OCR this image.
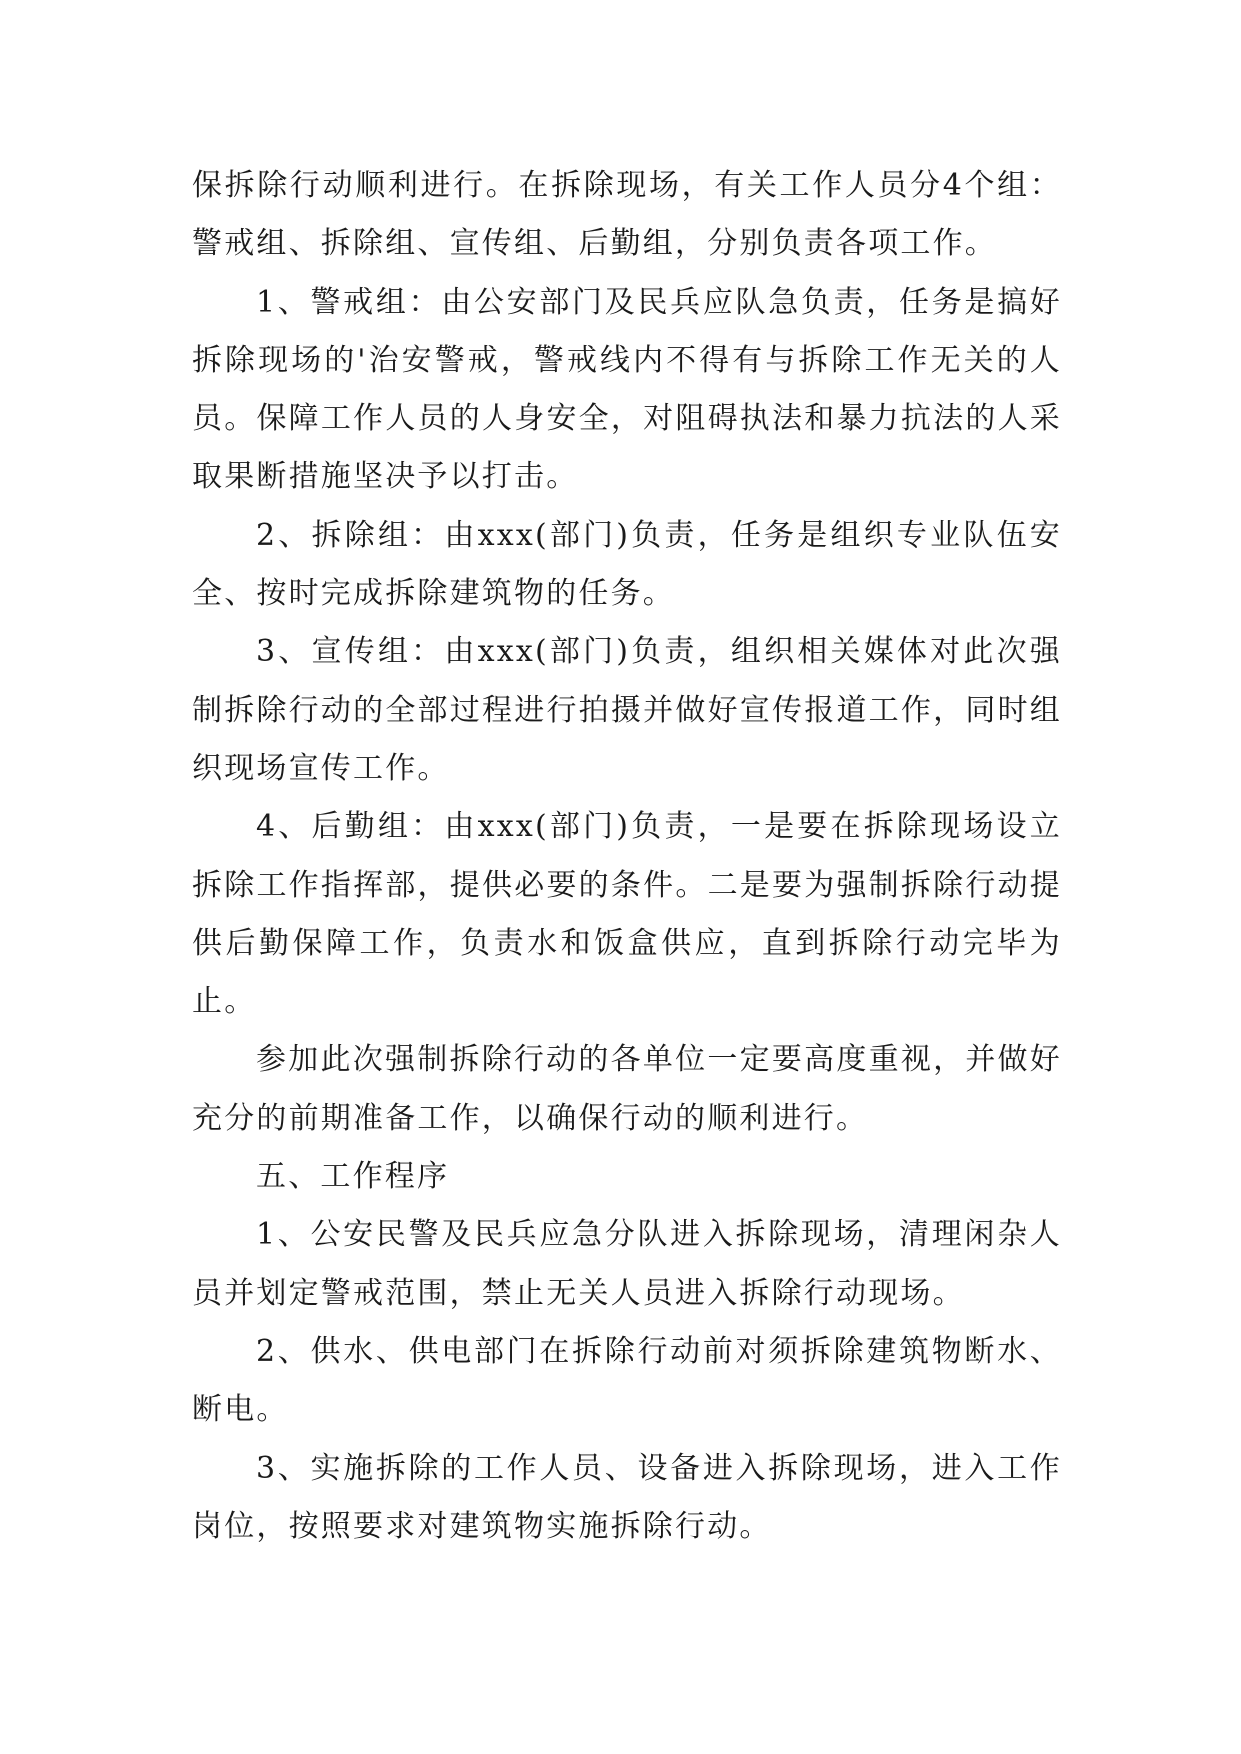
保拆除行动顺利进行。在拆除现场，有关工作人员分4个组：警戒组、拆除组、宣传组、后勤组，分别负责各项工作。

1、警戒组：由公安部门及民兵应队急负责，任务是搞好拆除现场的'治安警戒，警戒线内不得有与拆除工作无关的人员。保障工作人员的人身安全，对阻碍执法和暴力抗法的人采取果断措施坚决予以打击。

2、拆除组：由xxx(部门)负责，任务是组织专业队伍安全、按时完成拆除建筑物的任务。

3、宣传组：由xxx(部门)负责，组织相关媒体对此次强制拆除行动的全部过程进行拍摄并做好宣传报道工作，同时组织现场宣传工作。

4、后勤组：由xxx(部门)负责，一是要在拆除现场设立拆除工作指挥部，提供必要的条件。二是要为强制拆除行动提供后勤保障工作，负责水和饭盒供应，直到拆除行动完毕为止。

参加此次强制拆除行动的各单位一定要高度重视，并做好充分的前期准备工作，以确保行动的顺利进行。

五、工作程序

1、公安民警及民兵应急分队进入拆除现场，清理闲杂人员并划定警戒范围，禁止无关人员进入拆除行动现场。

2、供水、供电部门在拆除行动前对须拆除建筑物断水、断电。

3、实施拆除的工作人员、设备进入拆除现场，进入工作岗位，按照要求对建筑物实施拆除行动。
